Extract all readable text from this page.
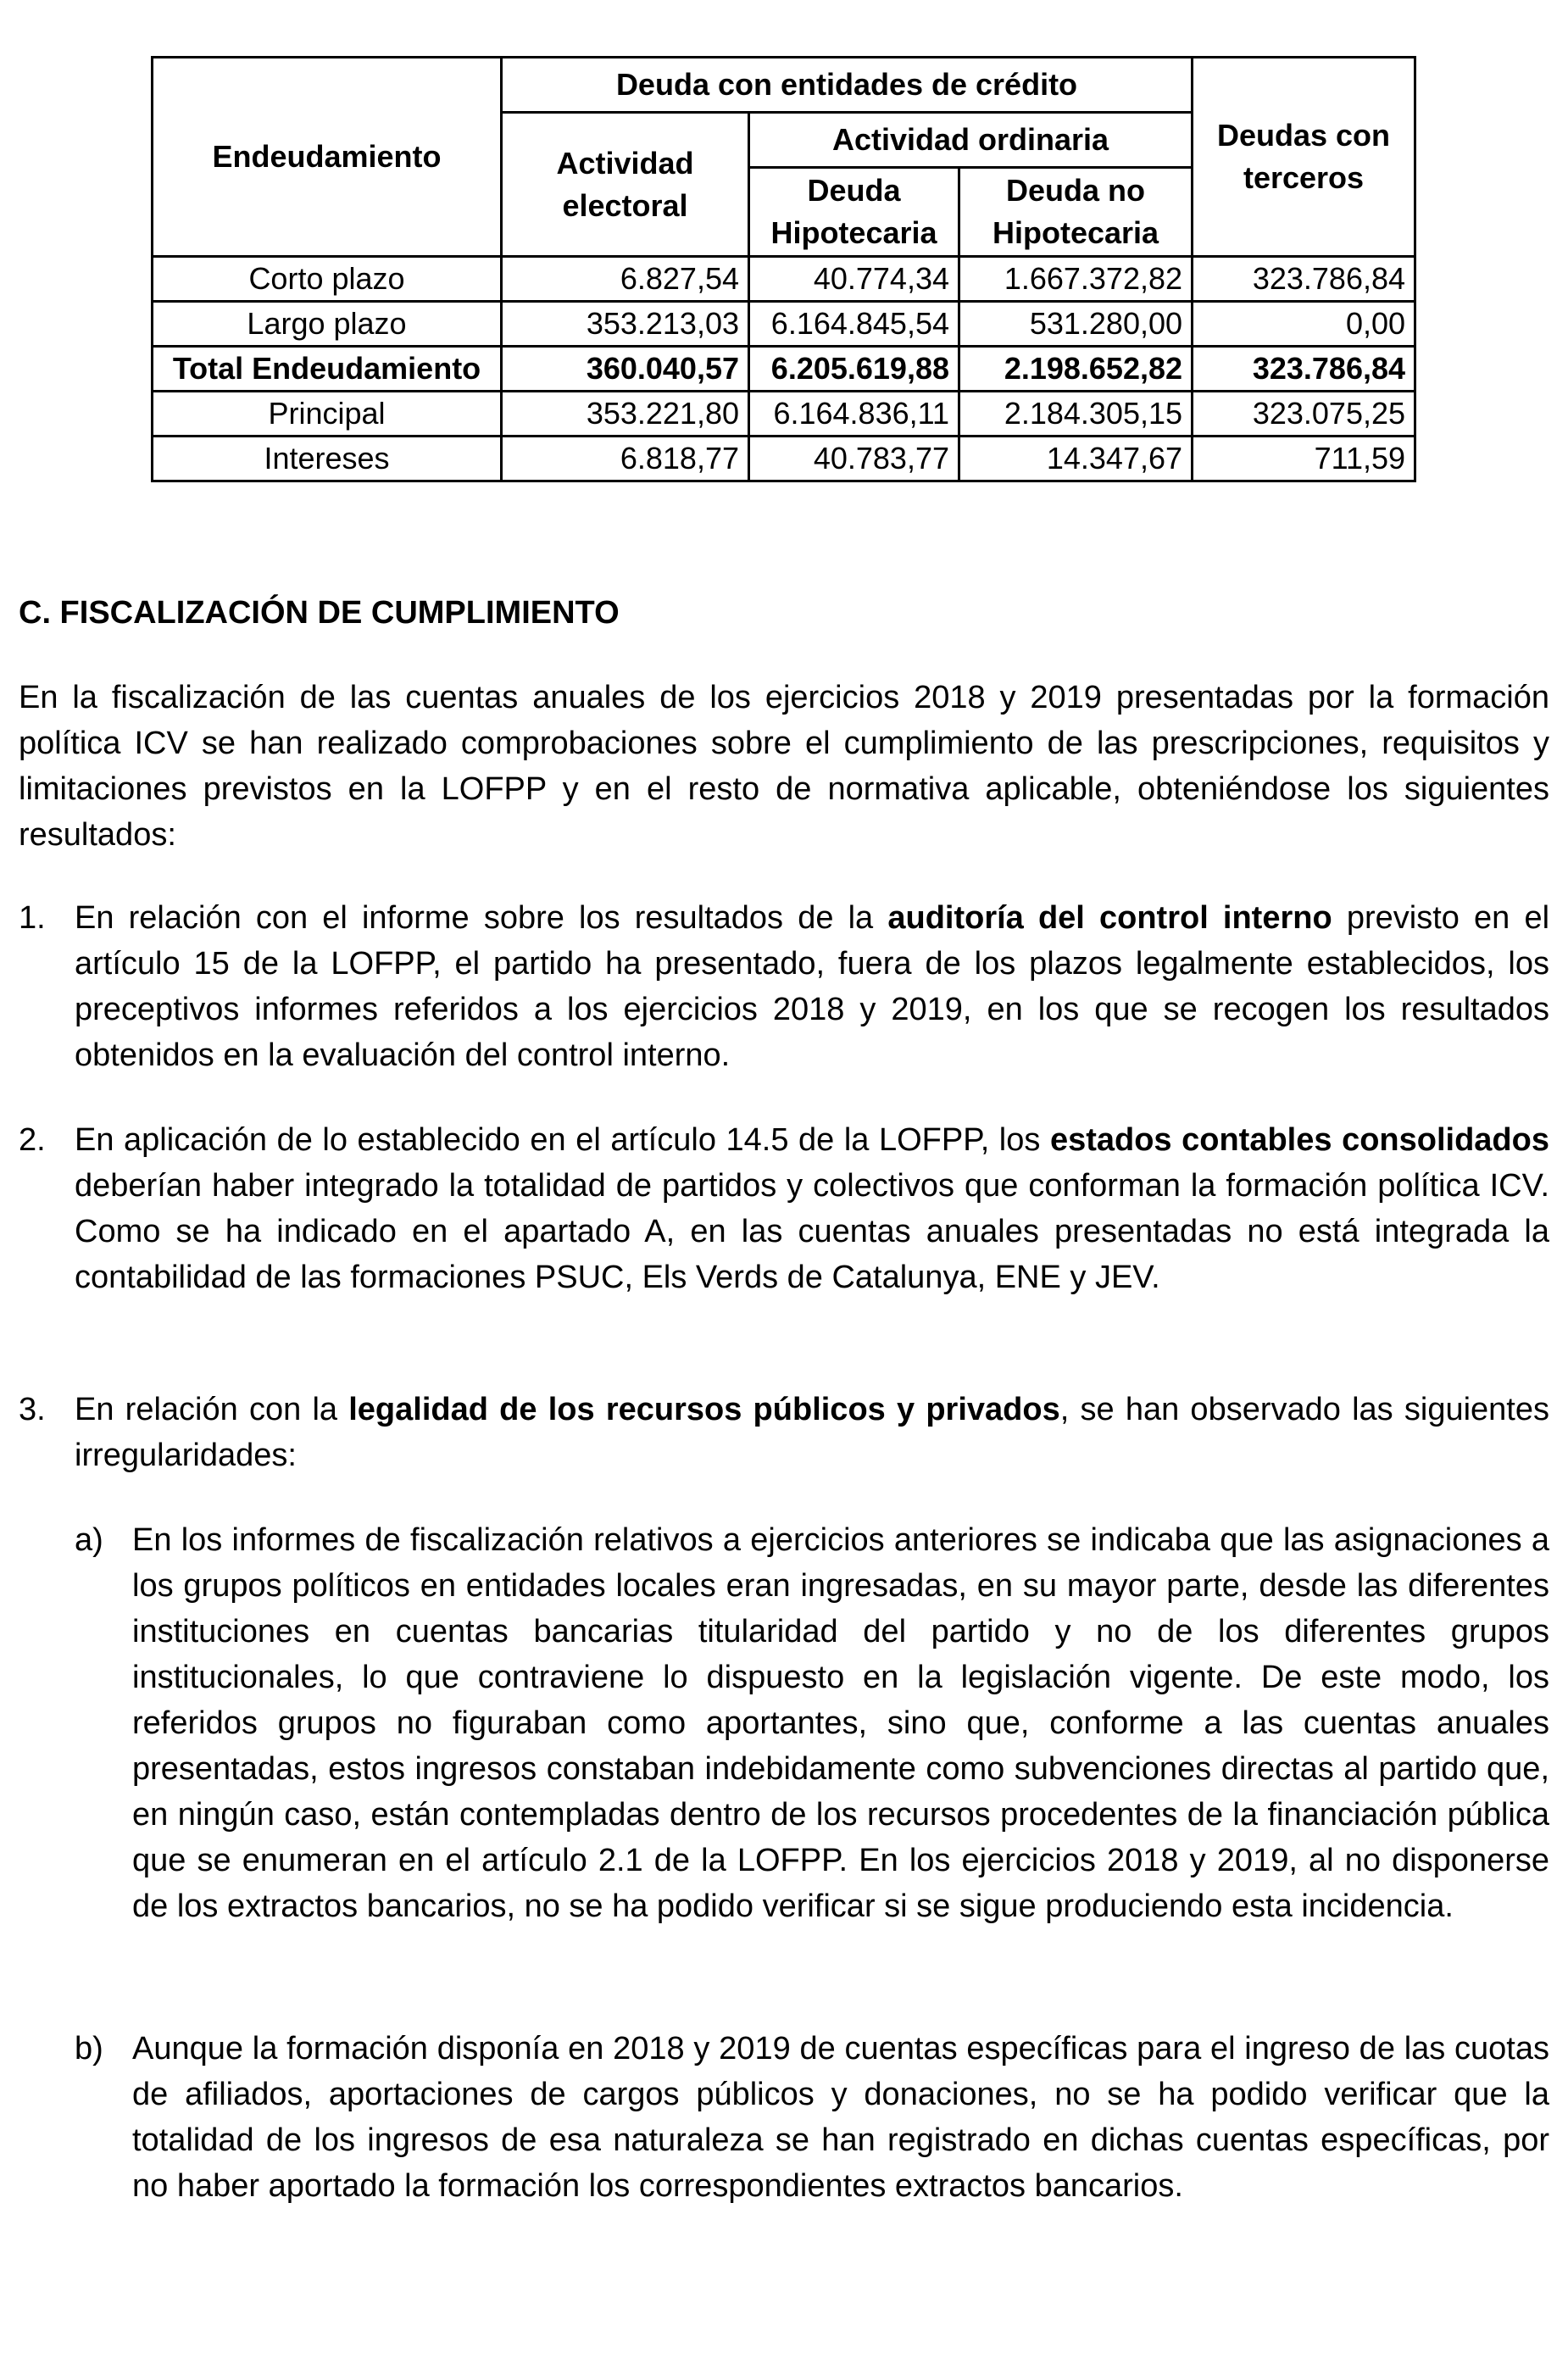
Endeudamiento	Deuda con entidades de crédito			Deudas con terceros
	Actividad electoral	Actividad ordinaria		
		Deuda Hipotecaria	Deuda no Hipotecaria	
Corto plazo	6.827,54	40.774,34	1.667.372,82	323.786,84
Largo plazo	353.213,03	6.164.845,54	531.280,00	0,00
Total Endeudamiento	360.040,57	6.205.619,88	2.198.652,82	323.786,84
Principal	353.221,80	6.164.836,11	2.184.305,15	323.075,25
Intereses	6.818,77	40.783,77	14.347,67	711,59
C. FISCALIZACIÓN DE CUMPLIMIENTO

En la fiscalización de las cuentas anuales de los ejercicios 2018 y 2019 presentadas por la formación política ICV se han realizado comprobaciones sobre el cumplimiento de las prescripciones, requisitos y limitaciones previstos en la LOFPP y en el resto de normativa aplicable, obteniéndose los siguientes resultados:

1. En relación con el informe sobre los resultados de la auditoría del control interno previsto en el artículo 15 de la LOFPP, el partido ha presentado, fuera de los plazos legalmente establecidos, los preceptivos informes referidos a los ejercicios 2018 y 2019, en los que se recogen los resultados obtenidos en la evaluación del control interno.

2. En aplicación de lo establecido en el artículo 14.5 de la LOFPP, los estados contables consolidados deberían haber integrado la totalidad de partidos y colectivos que conforman la formación política ICV. Como se ha indicado en el apartado A, en las cuentas anuales presentadas no está integrada la contabilidad de las formaciones PSUC, Els Verds de Catalunya, ENE y JEV.

3. En relación con la legalidad de los recursos públicos y privados, se han observado las siguientes irregularidades:

a) En los informes de fiscalización relativos a ejercicios anteriores se indicaba que las asignaciones a los grupos políticos en entidades locales eran ingresadas, en su mayor parte, desde las diferentes instituciones en cuentas bancarias titularidad del partido y no de los diferentes grupos institucionales, lo que contraviene lo dispuesto en la legislación vigente. De este modo, los referidos grupos no figuraban como aportantes, sino que, conforme a las cuentas anuales presentadas, estos ingresos constaban indebidamente como subvenciones directas al partido que, en ningún caso, están contempladas dentro de los recursos procedentes de la financiación pública que se enumeran en el artículo 2.1 de la LOFPP. En los ejercicios 2018 y 2019, al no disponerse de los extractos bancarios, no se ha podido verificar si se sigue produciendo esta incidencia.

b) Aunque la formación disponía en 2018 y 2019 de cuentas específicas para el ingreso de las cuotas de afiliados, aportaciones de cargos públicos y donaciones, no se ha podido verificar que la totalidad de los ingresos de esa naturaleza se han registrado en dichas cuentas específicas, por no haber aportado la formación los correspondientes extractos bancarios.
